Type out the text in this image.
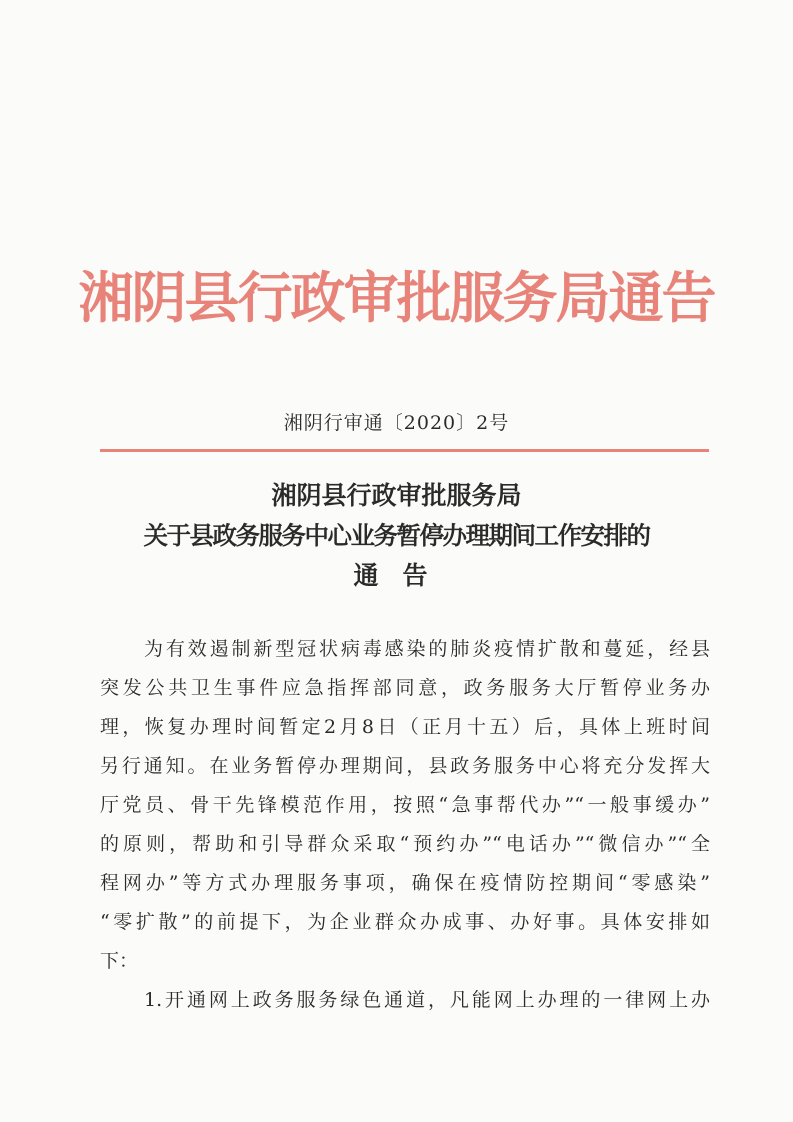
湘阴县行政审批服务局通告
湘阴行审通〔2020〕2号
湘阴县行政审批服务局
关于县政务服务中心业务暂停办理期间工作安排的
通告
为有效遏制新型冠状病毒感染的肺炎疫情扩散和蔓延，经县
突发公共卫生事件应急指挥部同意，政务服务大厅暂停业务办
理，恢复办理时间暂定2月8日（正月十五）后，具体上班时间
另行通知。在业务暂停办理期间，县政务服务中心将充分发挥大
厅党员、骨干先锋模范作用，按照“急事帮代办”“一般事缓办”
的原则，帮助和引导群众采取“预约办”“电话办”“微信办”“全
程网办”等方式办理服务事项，确保在疫情防控期间“零感染”
“零扩散”的前提下，为企业群众办成事、办好事。具体安排如
下：
1.开通网上政务服务绿色通道，凡能网上办理的一律网上办
